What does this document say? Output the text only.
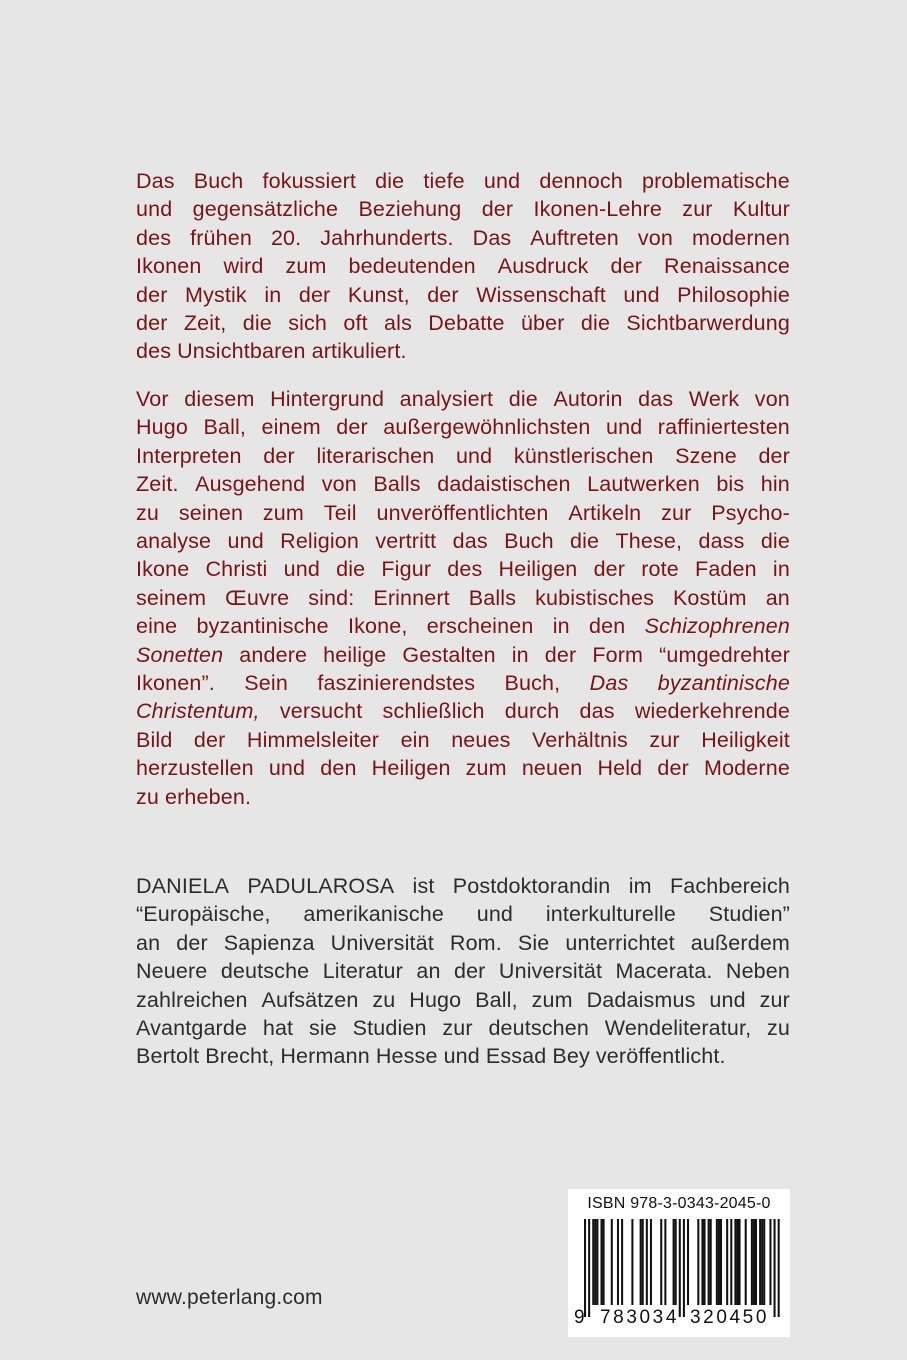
Das Buch fokussiert die tiefe und dennoch problematische
und gegensätzliche Beziehung der Ikonen-Lehre zur Kultur
des frühen 20. Jahrhunderts. Das Auftreten von modernen
Ikonen wird zum bedeutenden Ausdruck der Renaissance
der Mystik in der Kunst, der Wissenschaft und Philosophie
der Zeit, die sich oft als Debatte über die Sichtbarwerdung
des Unsichtbaren artikuliert.
Vor diesem Hintergrund analysiert die Autorin das Werk von
Hugo Ball, einem der außergewöhnlichsten und raffiniertesten
Interpreten der literarischen und künstlerischen Szene der
Zeit. Ausgehend von Balls dadaistischen Lautwerken bis hin
zu seinen zum Teil unveröffentlichten Artikeln zur Psycho-
analyse und Religion vertritt das Buch die These, dass die
Ikone Christi und die Figur des Heiligen der rote Faden in
seinem Œuvre sind: Erinnert Balls kubistisches Kostüm an
eine byzantinische Ikone, erscheinen in den Schizophrenen
Sonetten andere heilige Gestalten in der Form “umgedrehter
Ikonen”. Sein faszinierendstes Buch, Das byzantinische
Christentum, versucht schließlich durch das wiederkehrende
Bild der Himmelsleiter ein neues Verhältnis zur Heiligkeit
herzustellen und den Heiligen zum neuen Held der Moderne
zu erheben.
DANIELA PADULAROSA ist Postdoktorandin im Fachbereich
“Europäische, amerikanische und interkulturelle Studien”
an der Sapienza Universität Rom. Sie unterrichtet außerdem
Neuere deutsche Literatur an der Universität Macerata. Neben
zahlreichen Aufsätzen zu Hugo Ball, zum Dadaismus und zur
Avantgarde hat sie Studien zur deutschen Wendeliteratur, zu
Bertolt Brecht, Hermann Hesse und Essad Bey veröffentlicht.
www.peterlang.com
ISBN 978-3-0343-2045-0
9 783034 320450
